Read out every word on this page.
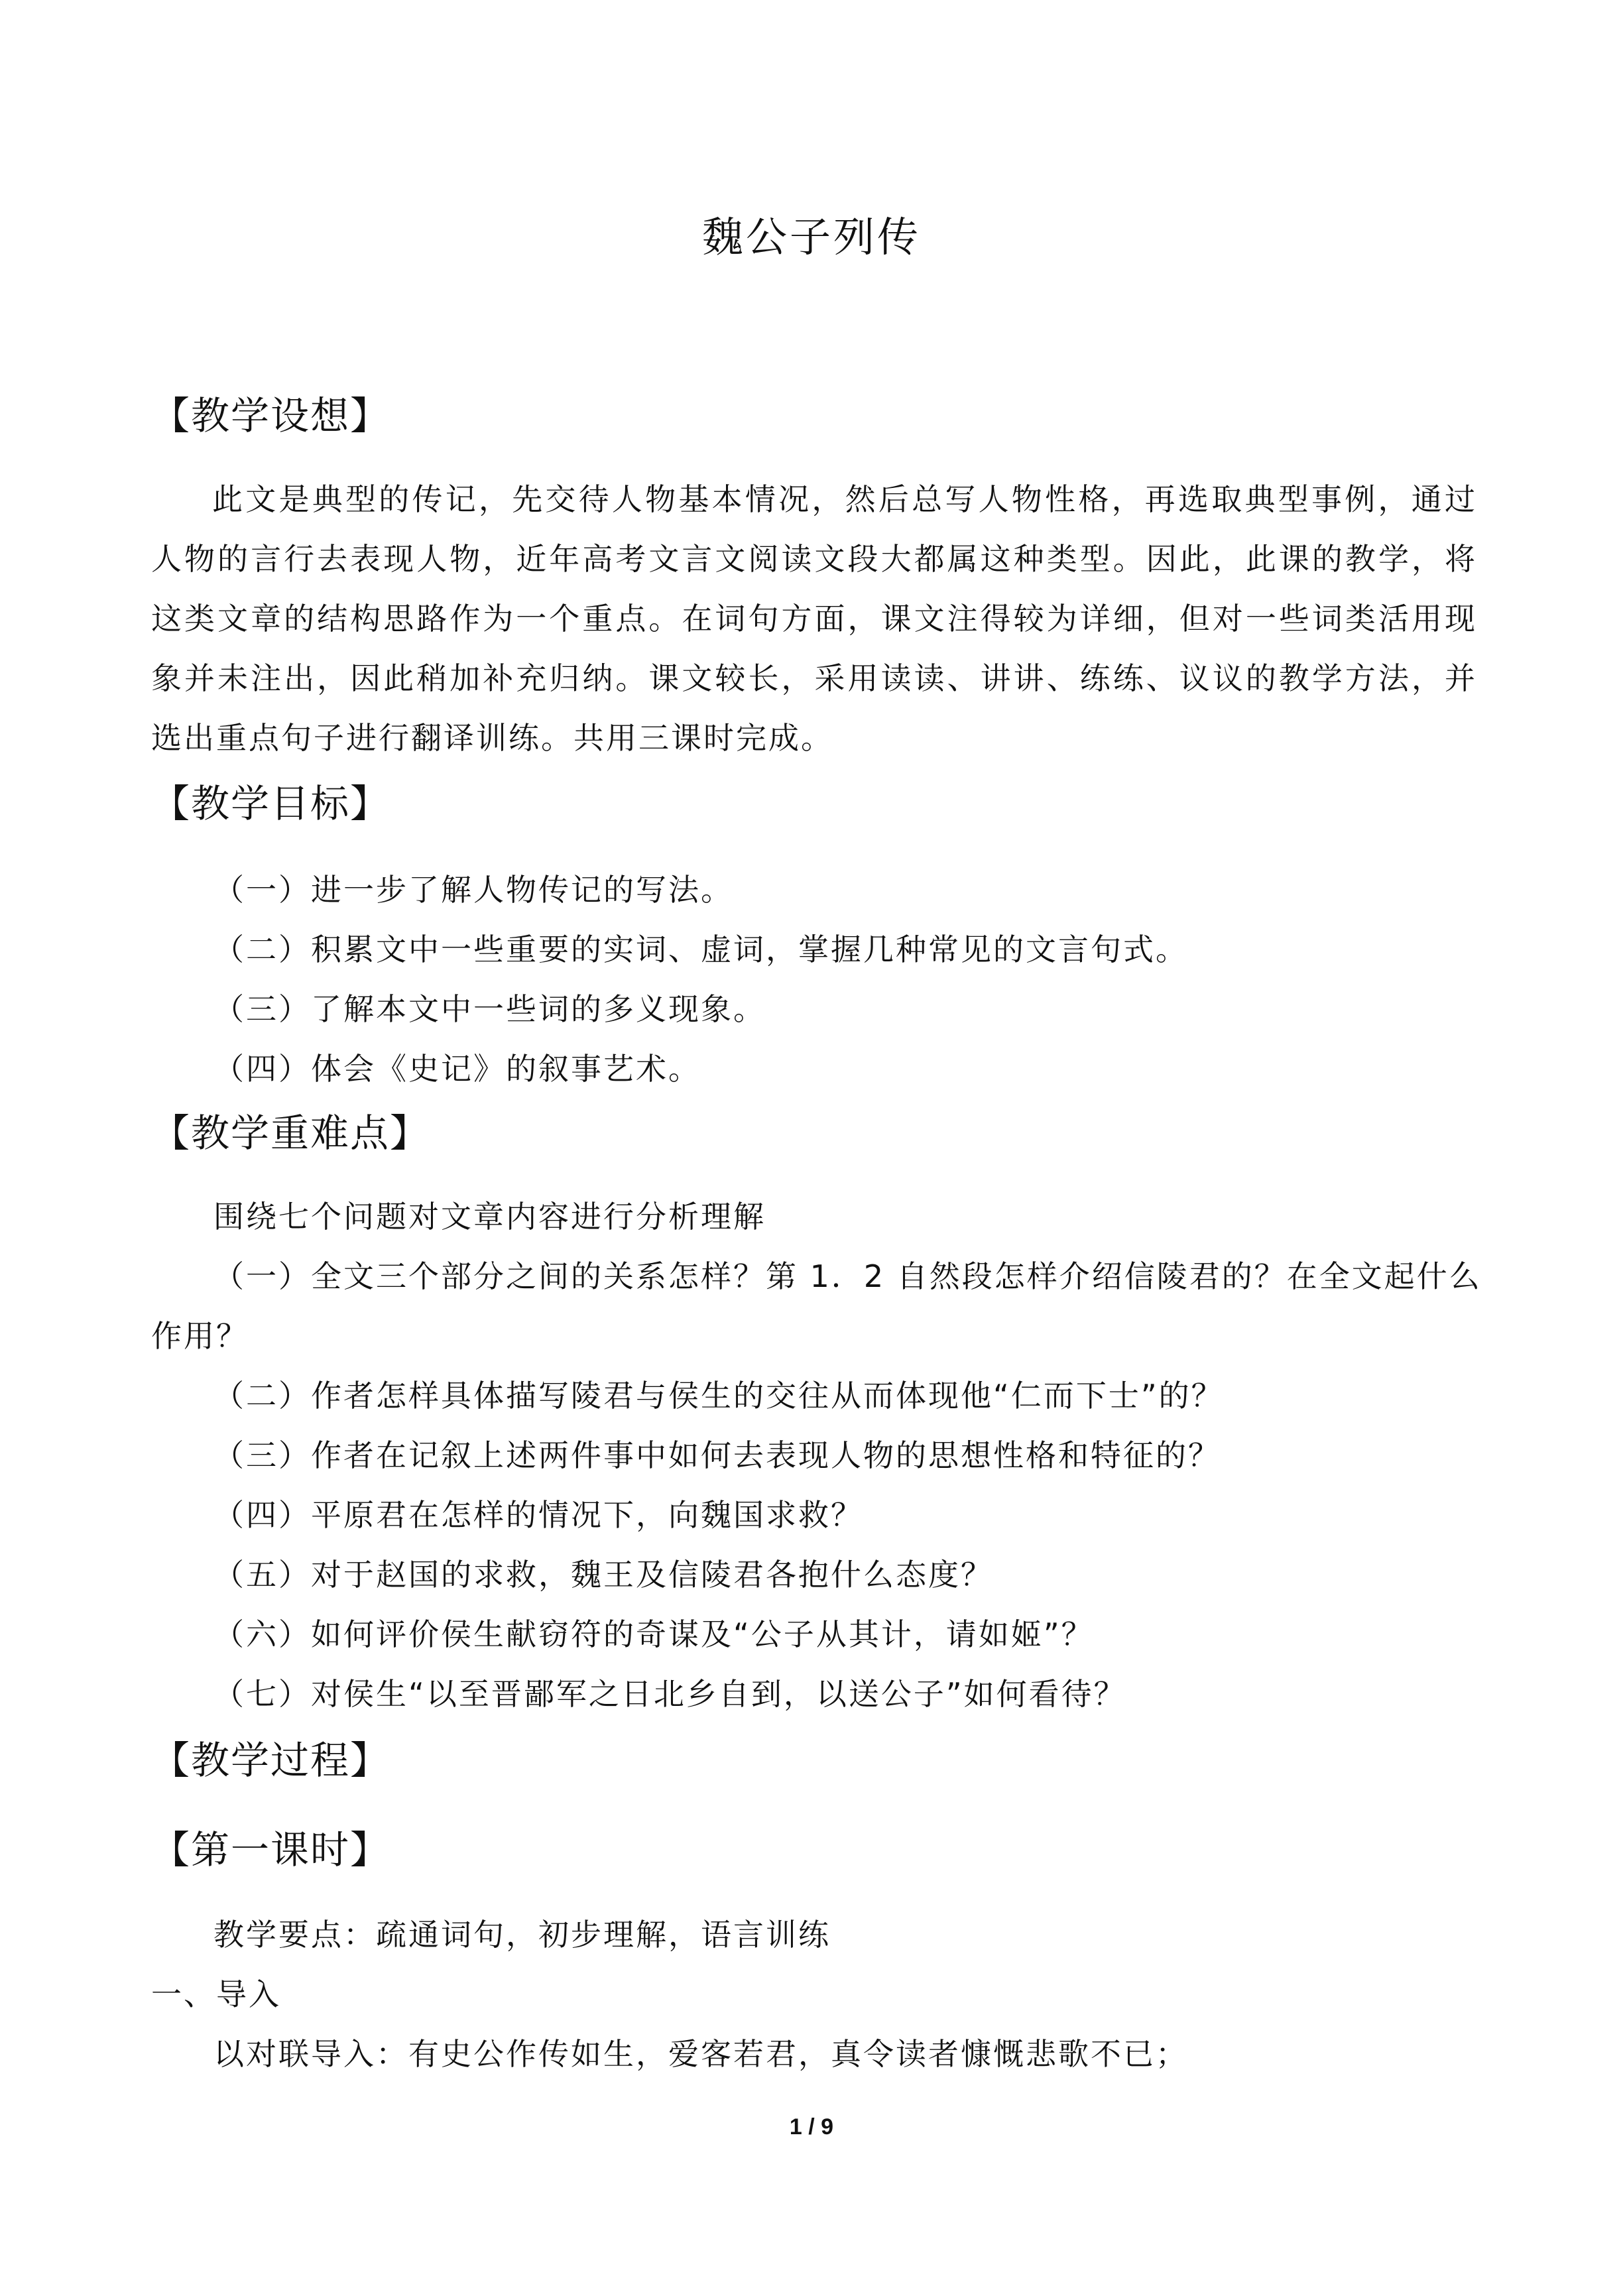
魏公子列传
【教学设想】
此文是典型的传记，先交待人物基本情况，然后总写人物性格，再选取典型事例，通过人物的言行去表现人物，近年高考文言文阅读文段大都属这种类型。因此，此课的教学，将这类文章的结构思路作为一个重点。在词句方面，课文注得较为详细，但对一些词类活用现象并未注出，因此稍加补充归纳。课文较长，采用读读、讲讲、练练、议议的教学方法，并选出重点句子进行翻译训练。共用三课时完成。
【教学目标】
（一）进一步了解人物传记的写法。
（二）积累文中一些重要的实词、虚词，掌握几种常见的文言句式。
（三）了解本文中一些词的多义现象。
（四）体会《史记》的叙事艺术。
【教学重难点】
围绕七个问题对文章内容进行分析理解
（一）全文三个部分之间的关系怎样？第 1．2 自然段怎样介绍信陵君的？在全文起什么
作用？
（二）作者怎样具体描写陵君与侯生的交往从而体现他“仁而下士”的？
（三）作者在记叙上述两件事中如何去表现人物的思想性格和特征的？
（四）平原君在怎样的情况下，向魏国求救？
（五）对于赵国的求救，魏王及信陵君各抱什么态度？
（六）如何评价侯生献窃符的奇谋及“公子从其计，请如姬”？
（七）对侯生“以至晋鄙军之日北乡自到，以送公子”如何看待？
【教学过程】
【第一课时】
教学要点：疏通词句，初步理解，语言训练
一、导入
以对联导入：有史公作传如生，爱客若君，真令读者慷慨悲歌不已；
1 / 9
